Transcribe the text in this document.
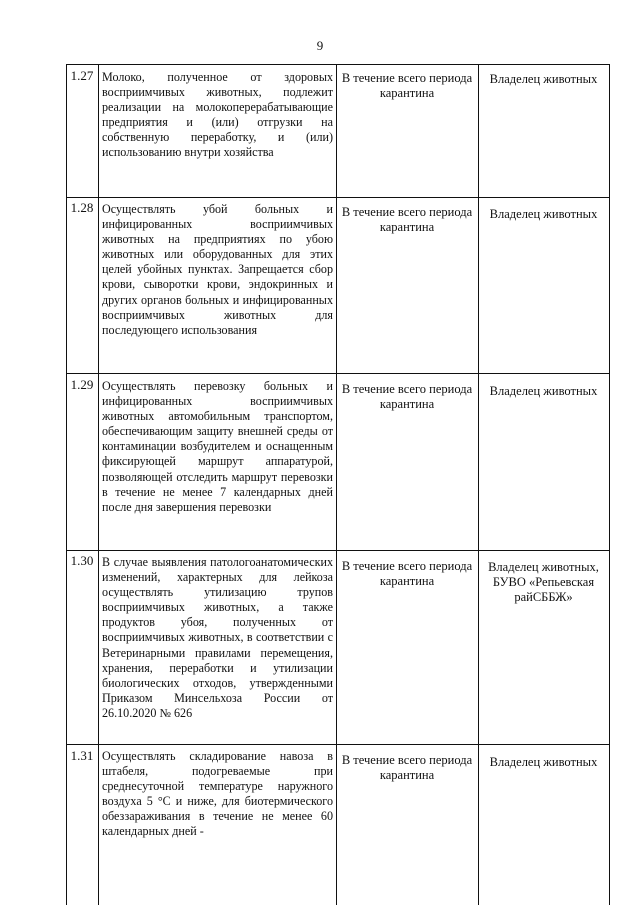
9
1.27 Молоко, полученное от здоровых восприимчивых животных, подлежит реализации на молокоперерабатывающие предприятия и (или) отгрузки на собственную переработку, и (или) использованию внутри хозяйства
В течение всего периода карантина
Владелец животных
1.28 Осуществлять убой больных и инфицированных восприимчивых животных на предприятиях по убою животных или оборудованных для этих целей убойных пунктах. Запрещается сбор крови, сыворотки крови, эндокринных и других органов больных и инфицированных восприимчивых животных для последующего использования
В течение всего периода карантина
Владелец животных
1.29 Осуществлять перевозку больных и инфицированных восприимчивых животных автомобильным транспортом, обеспечивающим защиту внешней среды от контаминации возбудителем и оснащенным фиксирующей маршрут аппаратурой, позволяющей отследить маршрут перевозки в течение не менее 7 календарных дней после дня завершения перевозки
В течение всего периода карантина
Владелец животных
1.30 В случае выявления патологоанатомических изменений, характерных для лейкоза осуществлять утилизацию трупов восприимчивых животных, а также продуктов убоя, полученных от восприимчивых животных, в соответствии с Ветеринарными правилами перемещения, хранения, переработки и утилизации биологических отходов, утвержденными Приказом Минсельхоза России от 26.10.2020 № 626
В течение всего периода карантина
Владелец животных, БУВО «Репьевская райСББЖ»
1.31 Осуществлять складирование навоза в штабеля, подогреваемые при среднесуточной температуре наружного воздуха 5 °С и ниже, для биотермического обеззараживания в течение не менее 60 календарных дней -
В течение всего периода карантина
Владелец животных
